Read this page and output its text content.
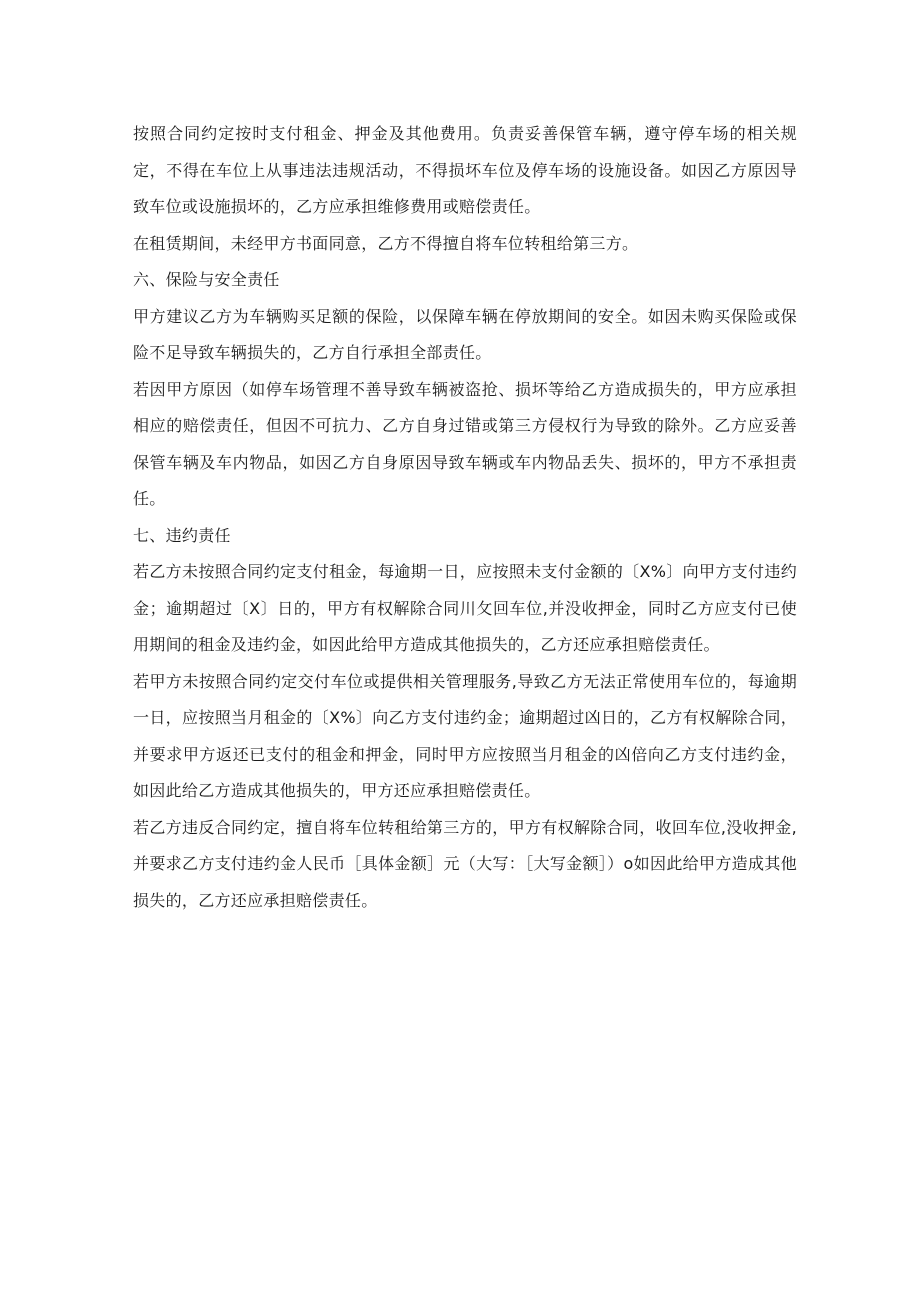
按照合同约定按时支付租金、押金及其他费用。负责妥善保管车辆，遵守停车场的相关规定，不得在车位上从事违法违规活动，不得损坏车位及停车场的设施设备。如因乙方原因导致车位或设施损坏的，乙方应承担维修费用或赔偿责任。

在租赁期间，未经甲方书面同意，乙方不得擅自将车位转租给第三方。

六、保险与安全责任

甲方建议乙方为车辆购买足额的保险，以保障车辆在停放期间的安全。如因未购买保险或保险不足导致车辆损失的，乙方自行承担全部责任。

若因甲方原因（如停车场管理不善导致车辆被盗抢、损坏等给乙方造成损失的，甲方应承担相应的赔偿责任，但因不可抗力、乙方自身过错或第三方侵权行为导致的除外。乙方应妥善保管车辆及车内物品，如因乙方自身原因导致车辆或车内物品丢失、损坏的，甲方不承担责任。

七、违约责任

若乙方未按照合同约定支付租金，每逾期一日，应按照未支付金额的〔X%〕向甲方支付违约金；逾期超过〔X〕日的，甲方有权解除合同川攵回车位,并没收押金，同时乙方应支付已使用期间的租金及违约金，如因此给甲方造成其他损失的，乙方还应承担赔偿责任。

若甲方未按照合同约定交付车位或提供相关管理服务,导致乙方无法正常使用车位的，每逾期一日，应按照当月租金的〔X%〕向乙方支付违约金；逾期超过凶日的，乙方有权解除合同，并要求甲方返还已支付的租金和押金，同时甲方应按照当月租金的凶倍向乙方支付违约金，如因此给乙方造成其他损失的，甲方还应承担赔偿责任。

若乙方违反合同约定，擅自将车位转租给第三方的，甲方有权解除合同，收回车位,没收押金,并要求乙方支付违约金人民币［具体金额］元（大写：［大写金额］）o如因此给甲方造成其他损失的，乙方还应承担赔偿责任。
